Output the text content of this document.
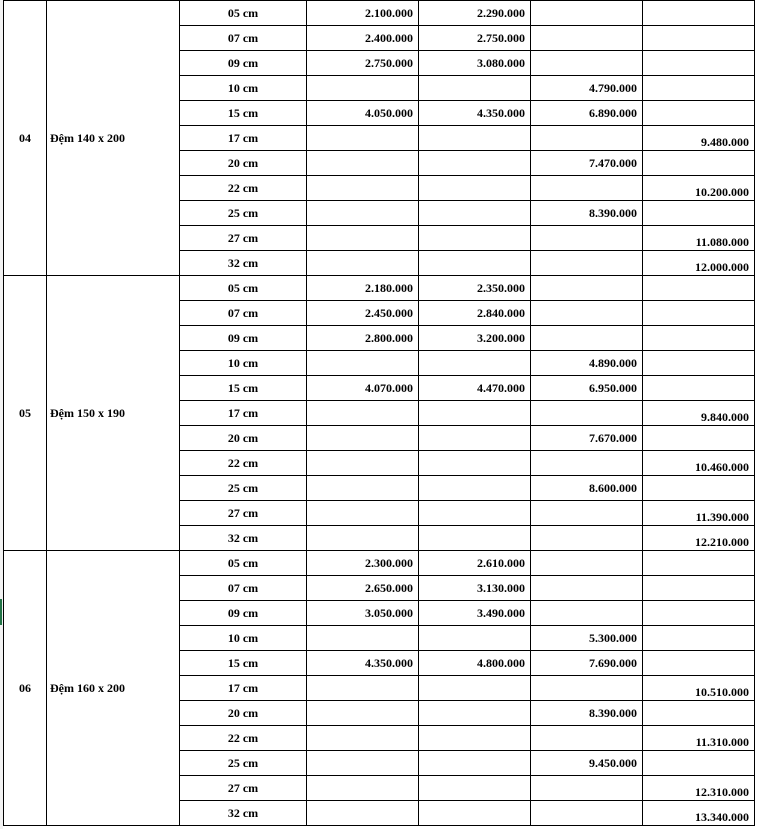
04	Đệm 140 x 200	05 cm	2.100.000	2.290.000		
		07 cm	2.400.000	2.750.000		
		09 cm	2.750.000	3.080.000		
		10 cm			4.790.000	
		15 cm	4.050.000	4.350.000	6.890.000	
		17 cm				9.480.000
		20 cm			7.470.000	
		22 cm				10.200.000
		25 cm			8.390.000	
		27 cm				11.080.000
		32 cm				12.000.000
05	Đệm 150 x 190	05 cm	2.180.000	2.350.000		
		07 cm	2.450.000	2.840.000		
		09 cm	2.800.000	3.200.000		
		10 cm			4.890.000	
		15 cm	4.070.000	4.470.000	6.950.000	
		17 cm				9.840.000
		20 cm			7.670.000	
		22 cm				10.460.000
		25 cm			8.600.000	
		27 cm				11.390.000
		32 cm				12.210.000
06	Đệm 160 x 200	05 cm	2.300.000	2.610.000		
		07 cm	2.650.000	3.130.000		
		09 cm	3.050.000	3.490.000		
		10 cm			5.300.000	
		15 cm	4.350.000	4.800.000	7.690.000	
		17 cm				10.510.000
		20 cm			8.390.000	
		22 cm				11.310.000
		25 cm			9.450.000	
		27 cm				12.310.000
		32 cm				13.340.000
